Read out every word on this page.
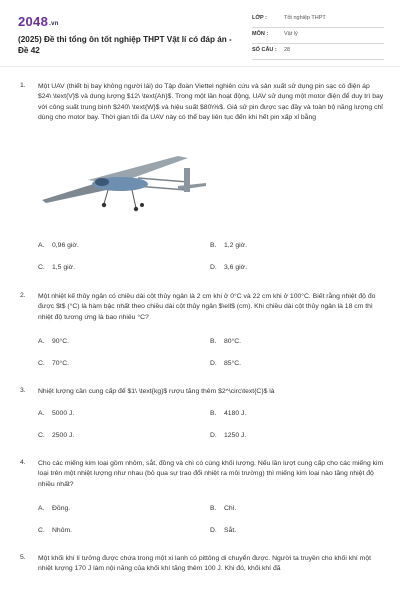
2048.vn
(2025) Đề thi tổng ôn tốt nghiệp THPT Vật lí có đáp án - Đề 42
LỚP :	Tốt nghiệp THPT
MÔN :	Vật lý
SỐ CÂU : 28
1. Một UAV (thiết bị bay không người lái) do Tập đoàn Viettel nghiên cứu và sản xuất sử dụng pin sạc có điện áp $24\ \text{V}$ và dung lượng $12\ \text{Ah}$. Trong một lần hoạt động, UAV sử dụng một motor điện để duy trì bay với công suất trung bình $240\ \text{W}$ và hiệu suất $80\%$. Giả sử pin được sạc đầy và toàn bộ năng lượng chỉ dùng cho motor bay. Thời gian tối đa UAV này có thể bay liên tục đến khi hết pin xấp xỉ bằng
A. 0,96 giờ.	B. 1,2 giờ.
C. 1,5 giờ.	D. 3,6 giờ.
2. Một nhiệt kế thủy ngân có chiều dài cột thủy ngân là 2 cm khi ở 0°C và 22 cm khi ở 100°C. Biết rằng nhiệt độ đo được $t$ (°C) là hàm bậc nhất theo chiều dài cột thủy ngân $\ell$ (cm). Khi chiều dài cột thủy ngân là 18 cm thì nhiệt độ tương ứng là bao nhiêu °C?
A. 90°C.	B. 80°C.
C. 70°C.	D. 85°C.
3. Nhiệt lượng cần cung cấp để $1\ \text{kg}$ rượu tăng thêm $2^\circ\text{C}$ là
A. 5000 J.	B. 4180 J.
C. 2500 J.	D. 1250 J.
4. Cho các miếng kim loại gồm nhôm, sắt, đồng và chì có cùng khối lượng. Nếu lần lượt cung cấp cho các miếng kim loại trên một nhiệt lượng như nhau (bỏ qua sự trao đổi nhiệt ra môi trường) thì miếng kim loại nào tăng nhiệt độ nhiều nhất?
A. Đồng.	B. Chì.
C. Nhôm.	D. Sắt.
5. Một khối khí lí tưởng được chứa trong một xi lanh có pittông di chuyển được. Người ta truyền cho khối khí một nhiệt lượng 170 J làm nội năng của khối khí tăng thêm 100 J. Khi đó, khối khí đã
